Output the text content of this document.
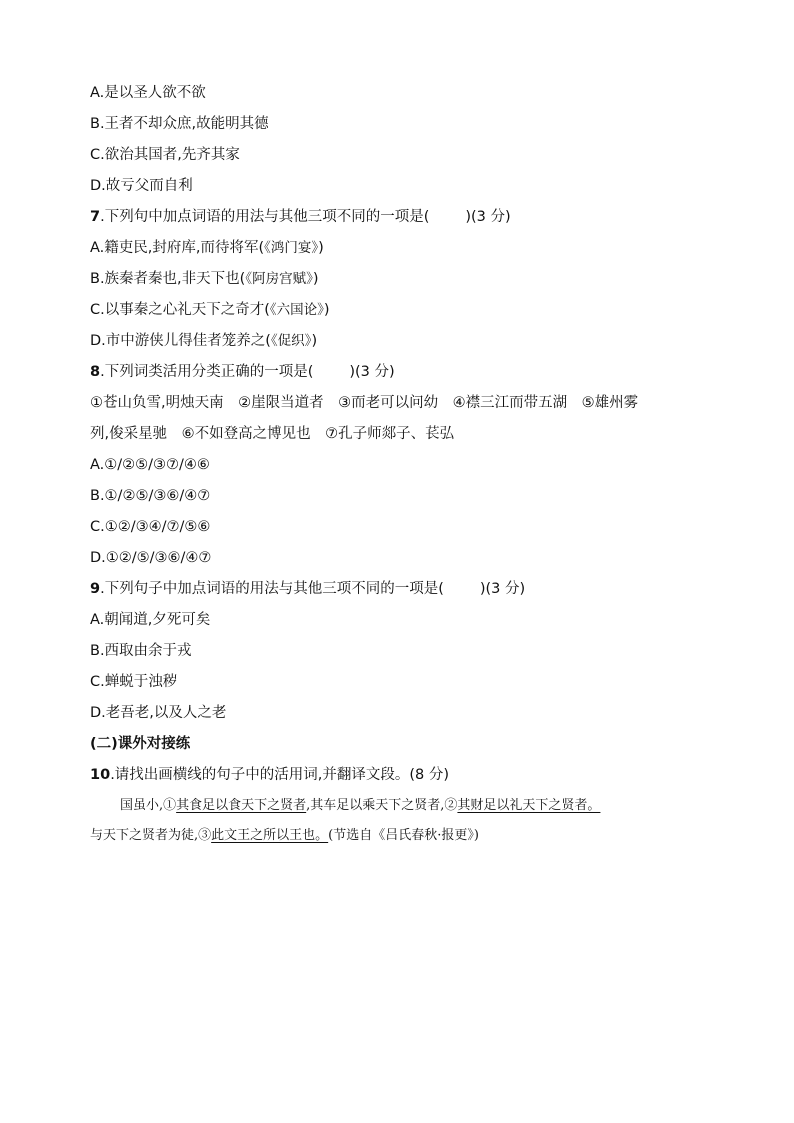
A.是以圣人欲不欲
B.王者不却众庶,故能明其德
C.欲治其国者,先齐其家
D.故亏父而自利
7.下列句中加点词语的用法与其他三项不同的一项是( )(3 分)
A.籍吏民,封府库,而待将军(《鸿门宴》)
B.族秦者秦也,非天下也(《阿房宫赋》)
C.以事秦之心礼天下之奇才(《六国论》)
D.市中游侠儿得佳者笼养之(《促织》)
8.下列词类活用分类正确的一项是( )(3 分)
①苍山负雪,明烛天南　②崖限当道者　③而老可以问幼　④襟三江而带五湖　⑤雄州雾
列,俊采星驰　⑥不如登高之博见也　⑦孔子师郯子、苌弘
A.①/②⑤/③⑦/④⑥
B.①/②⑤/③⑥/④⑦
C.①②/③④/⑦/⑤⑥
D.①②/⑤/③⑥/④⑦
9.下列句子中加点词语的用法与其他三项不同的一项是( )(3 分)
A.朝闻道,夕死可矣
B.西取由余于戎
C.蝉蜕于浊秽
D.老吾老,以及人之老
(二)课外对接练
10.请找出画横线的句子中的活用词,并翻译文段。(8 分)
国虽小,①其食足以食天下之贤者,其车足以乘天下之贤者,②其财足以礼天下之贤者。
与天下之贤者为徒,③此文王之所以王也。(节选自《吕氏春秋·报更》)
